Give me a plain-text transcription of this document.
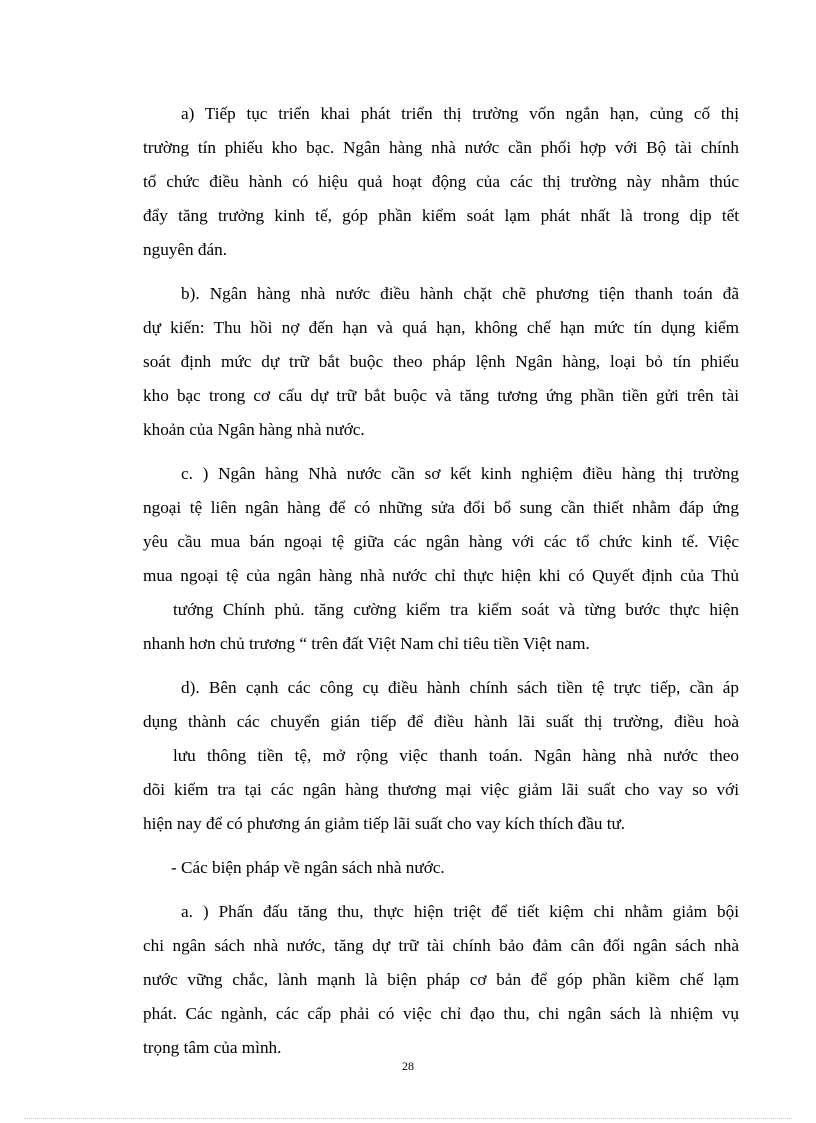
a) Tiếp tục triển khai phát triển thị trường vốn ngắn hạn, củng cố thị
trường tín phiếu kho bạc. Ngân hàng nhà nước cần phối hợp với Bộ tài chính
tổ chức điều hành có hiệu quả hoạt động của các thị trường này nhằm thúc
đẩy tăng trưởng kinh tế, góp phần kiểm soát lạm phát nhất là trong dịp tết
nguyên đán.
b). Ngân hàng nhà nước điều hành chặt chẽ phương tiện thanh toán đã
dự kiến: Thu hồi nợ đến hạn và quá hạn, không chế hạn mức tín dụng kiểm
soát định mức dự trữ bắt buộc theo pháp lệnh Ngân hàng, loại bỏ tín phiếu
kho bạc trong cơ cấu dự trữ bắt buộc và tăng tương ứng phần tiền gửi trên tài
khoản của Ngân hàng nhà nước.
c. ) Ngân hàng Nhà nước cần sơ kết kinh nghiệm điều hàng thị trường
ngoại tệ liên ngân hàng để có những sửa đổi bổ sung cần thiết nhằm đáp ứng
yêu cầu mua bán ngoại tệ giữa các ngân hàng với các tổ chức kinh tế. Việc
mua ngoại tệ của ngân hàng nhà nước chỉ thực hiện khi có Quyết định của Thủ
tướng Chính phủ. tăng cường kiểm tra kiểm soát và từng bước thực hiện
nhanh hơn chủ trương “ trên đất Việt Nam chỉ tiêu tiền Việt nam.
d). Bên cạnh các công cụ điều hành chính sách tiền tệ trực tiếp, cần áp
dụng thành các chuyển gián tiếp để điều hành lãi suất thị trường, điều hoà
lưu thông tiền tệ, mở rộng việc thanh toán. Ngân hàng nhà nước theo
dõi kiểm tra tại các ngân hàng thương mại việc giảm lãi suất cho vay so với
hiện nay để có phương án giảm tiếp lãi suất cho vay kích thích đầu tư.
- Các biện pháp về ngân sách nhà nước.
a. ) Phấn đấu tăng thu, thực hiện triệt để tiết kiệm chi nhằm giảm bội
chi ngân sách nhà nước, tăng dự trữ tài chính bảo đảm cân đối ngân sách nhà
nước vững chắc, lành mạnh là biện pháp cơ bản để góp phần kiềm chế lạm
phát. Các ngành, các cấp phải có việc chỉ đạo thu, chi ngân sách là nhiệm vụ
trọng tâm của mình.
28
